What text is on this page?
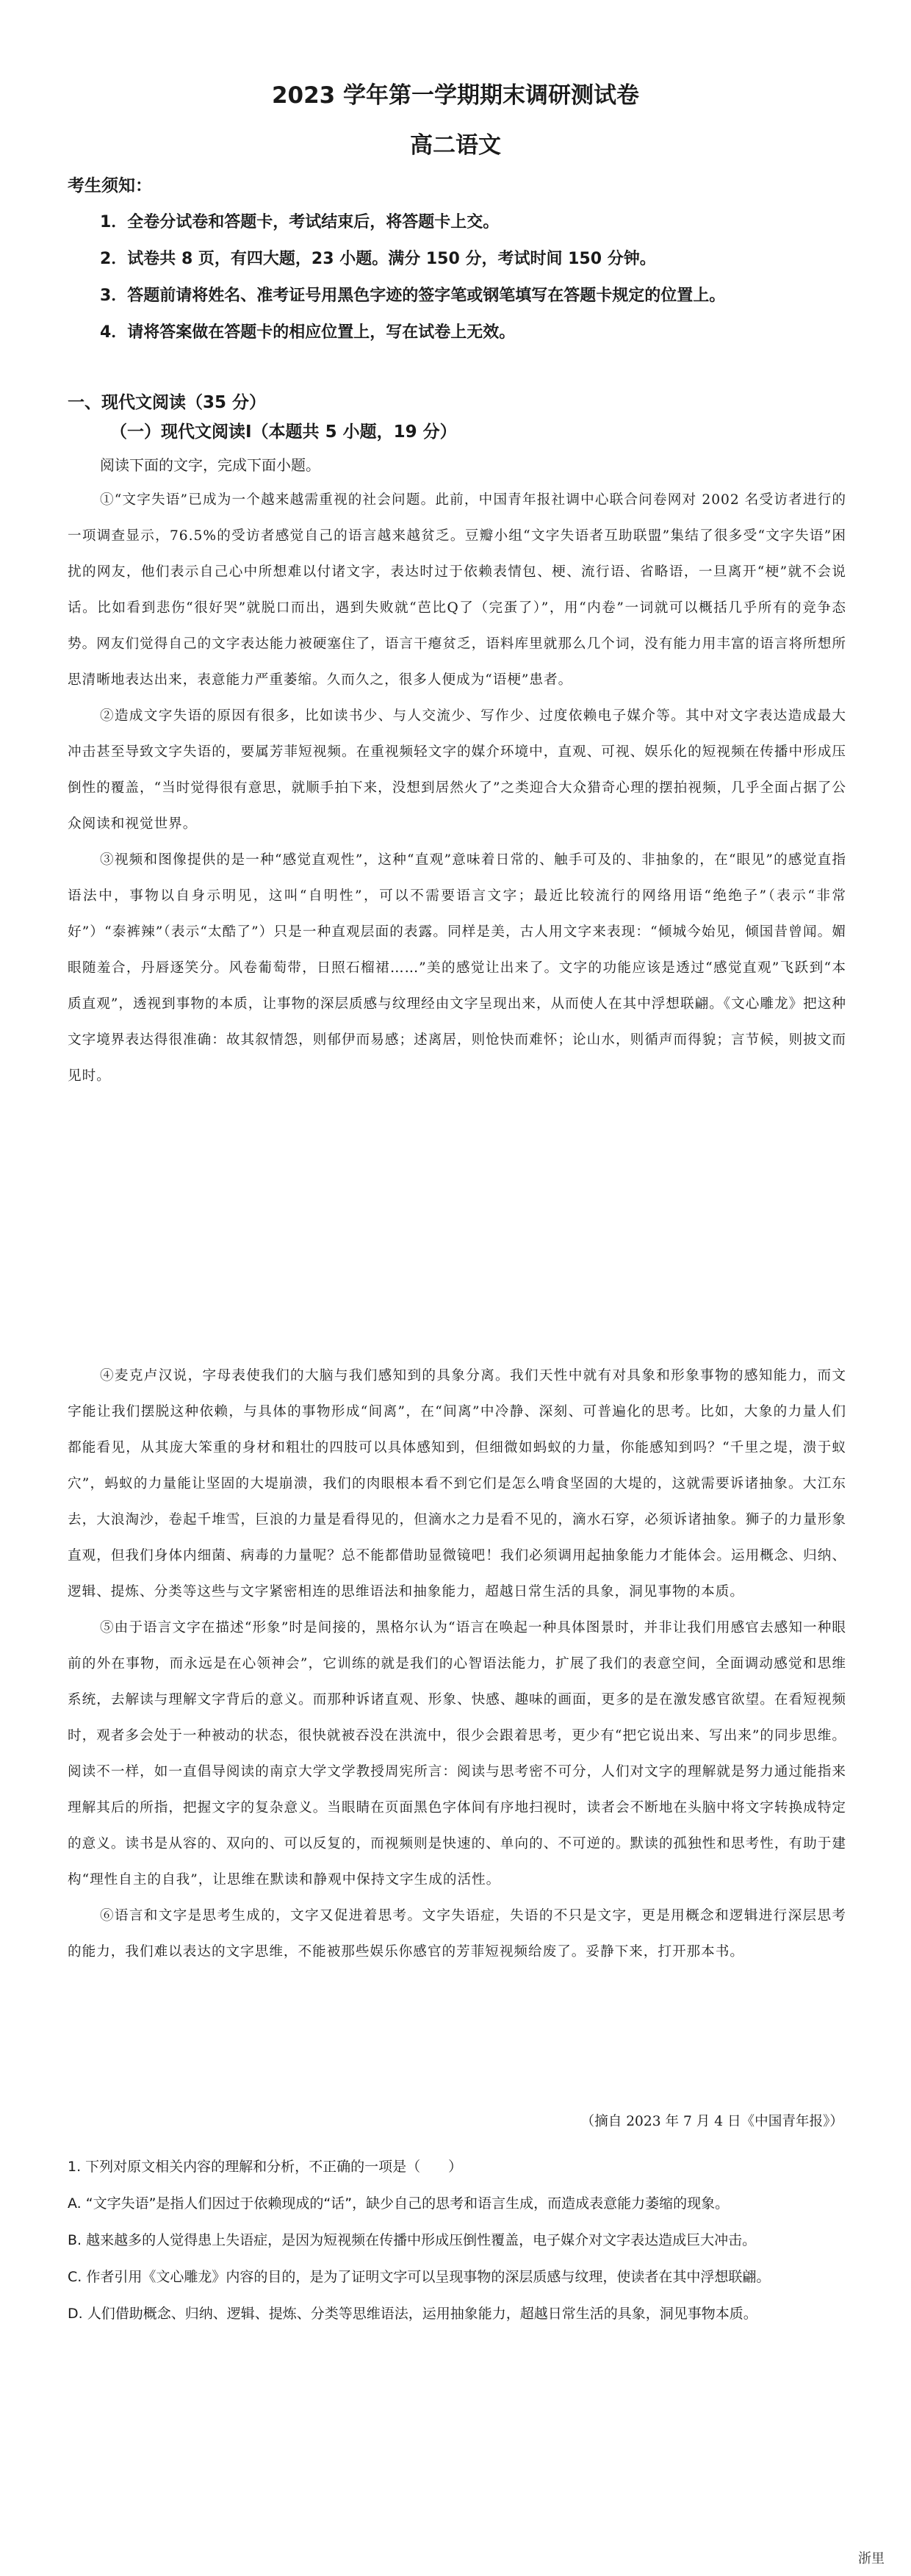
2023 学年第一学期期末调研测试卷
高二语文
考生须知：

1．全卷分试卷和答题卡，考试结束后，将答题卡上交。

2．试卷共 8 页，有四大题，23 小题。满分 150 分，考试时间 150 分钟。

3．答题前请将姓名、准考证号用黑色字迹的签字笔或钢笔填写在答题卡规定的位置上。

4．请将答案做在答题卡的相应位置上，写在试卷上无效。

一、现代文阅读（35 分）
（一）现代文阅读Ⅰ（本题共 5 小题，19 分）
阅读下面的文字，完成下面小题。

①“文字失语”已成为一个越来越需重视的社会问题。此前，中国青年报社调中心联合问卷网对 2002 名受访者进行的一项调查显示，76.5%的受访者感觉自己的语言越来越贫乏。豆瓣小组“文字失语者互助联盟”集结了很多受“文字失语”困扰的网友，他们表示自己心中所想难以付诸文字，表达时过于依赖表情包、梗、流行语、省略语，一旦离开“梗”就不会说话。比如看到悲伤“很好哭”就脱口而出，遇到失败就“芭比Q了（完蛋了）”，用“内卷”一词就可以概括几乎所有的竞争态势。网友们觉得自己的文字表达能力被硬塞住了，语言干瘪贫乏，语料库里就那么几个词，没有能力用丰富的语言将所想所思清晰地表达出来，表意能力严重萎缩。久而久之，很多人便成为“语梗”患者。

②造成文字失语的原因有很多，比如读书少、与人交流少、写作少、过度依赖电子媒介等。其中对文字表达造成最大冲击甚至导致文字失语的，要属芳菲短视频。在重视频轻文字的媒介环境中，直观、可视、娱乐化的短视频在传播中形成压倒性的覆盖，“当时觉得很有意思，就顺手拍下来，没想到居然火了”之类迎合大众猎奇心理的摆拍视频，几乎全面占据了公众阅读和视觉世界。

③视频和图像提供的是一种“感觉直观性”，这种“直观”意味着日常的、触手可及的、非抽象的，在“眼见”的感觉直指语法中，事物以自身示明见，这叫“自明性”，可以不需要语言文字；最近比较流行的网络用语“绝绝子”（表示“非常好”）“泰裤辣”（表示“太酷了”）只是一种直观层面的表露。同样是美，古人用文字来表现：“倾城今始见，倾国昔曾闻。媚眼随羞合，丹唇逐笑分。风卷葡萄带，日照石榴裙……”美的感觉让出来了。文字的功能应该是透过“感觉直观”飞跃到“本质直观”，透视到事物的本质，让事物的深层质感与纹理经由文字呈现出来，从而使人在其中浮想联翩。《文心雕龙》把这种文字境界表达得很准确：故其叙情怨，则郁伊而易感；述离居，则怆快而难怀；论山水，则循声而得貌；言节候，则披文而见时。

④麦克卢汉说，字母表使我们的大脑与我们感知到的具象分离。我们天性中就有对具象和形象事物的感知能力，而文字能让我们摆脱这种依赖，与具体的事物形成“间离”，在“间离”中冷静、深刻、可普遍化的思考。比如，大象的力量人们都能看见，从其庞大笨重的身材和粗壮的四肢可以具体感知到，但细微如蚂蚁的力量，你能感知到吗？“千里之堤，溃于蚁穴”，蚂蚁的力量能让坚固的大堤崩溃，我们的肉眼根本看不到它们是怎么啃食坚固的大堤的，这就需要诉诸抽象。大江东去，大浪淘沙，卷起千堆雪，巨浪的力量是看得见的，但滴水之力是看不见的，滴水石穿，必须诉诸抽象。狮子的力量形象直观，但我们身体内细菌、病毒的力量呢？总不能都借助显微镜吧！我们必须调用起抽象能力才能体会。运用概念、归纳、逻辑、提炼、分类等这些与文字紧密相连的思维语法和抽象能力，超越日常生活的具象，洞见事物的本质。

⑤由于语言文字在描述“形象”时是间接的，黑格尔认为“语言在唤起一种具体图景时，并非让我们用感官去感知一种眼前的外在事物，而永远是在心领神会”，它训练的就是我们的心智语法能力，扩展了我们的表意空间，全面调动感觉和思维系统，去解读与理解文字背后的意义。而那种诉诸直观、形象、快感、趣味的画面，更多的是在激发感官欲望。在看短视频时，观者多会处于一种被动的状态，很快就被吞没在洪流中，很少会跟着思考，更少有“把它说出来、写出来”的同步思维。阅读不一样，如一直倡导阅读的南京大学文学教授周宪所言：阅读与思考密不可分，人们对文字的理解就是努力通过能指来理解其后的所指，把握文字的复杂意义。当眼睛在页面黑色字体间有序地扫视时，读者会不断地在头脑中将文字转换成特定的意义。读书是从容的、双向的、可以反复的，而视频则是快速的、单向的、不可逆的。默读的孤独性和思考性，有助于建构“理性自主的自我”，让思维在默读和静观中保持文字生成的活性。

⑥语言和文字是思考生成的，文字又促进着思考。文字失语症，失语的不只是文字，更是用概念和逻辑进行深层思考的能力，我们难以表达的文字思维，不能被那些娱乐你感官的芳菲短视频给废了。妥静下来，打开那本书。

（摘自 2023 年 7 月 4 日《中国青年报》）

1. 下列对原文相关内容的理解和分析，不正确的一项是（　　）

A. “文字失语”是指人们因过于依赖现成的“话”，缺少自己的思考和语言生成，而造成表意能力萎缩的现象。

B. 越来越多的人觉得患上失语症，是因为短视频在传播中形成压倒性覆盖，电子媒介对文字表达造成巨大冲击。

C. 作者引用《文心雕龙》内容的目的，是为了证明文字可以呈现事物的深层质感与纹理，使读者在其中浮想联翩。

D. 人们借助概念、归纳、逻辑、提炼、分类等思维语法，运用抽象能力，超越日常生活的具象，洞见事物本质。

浙里
